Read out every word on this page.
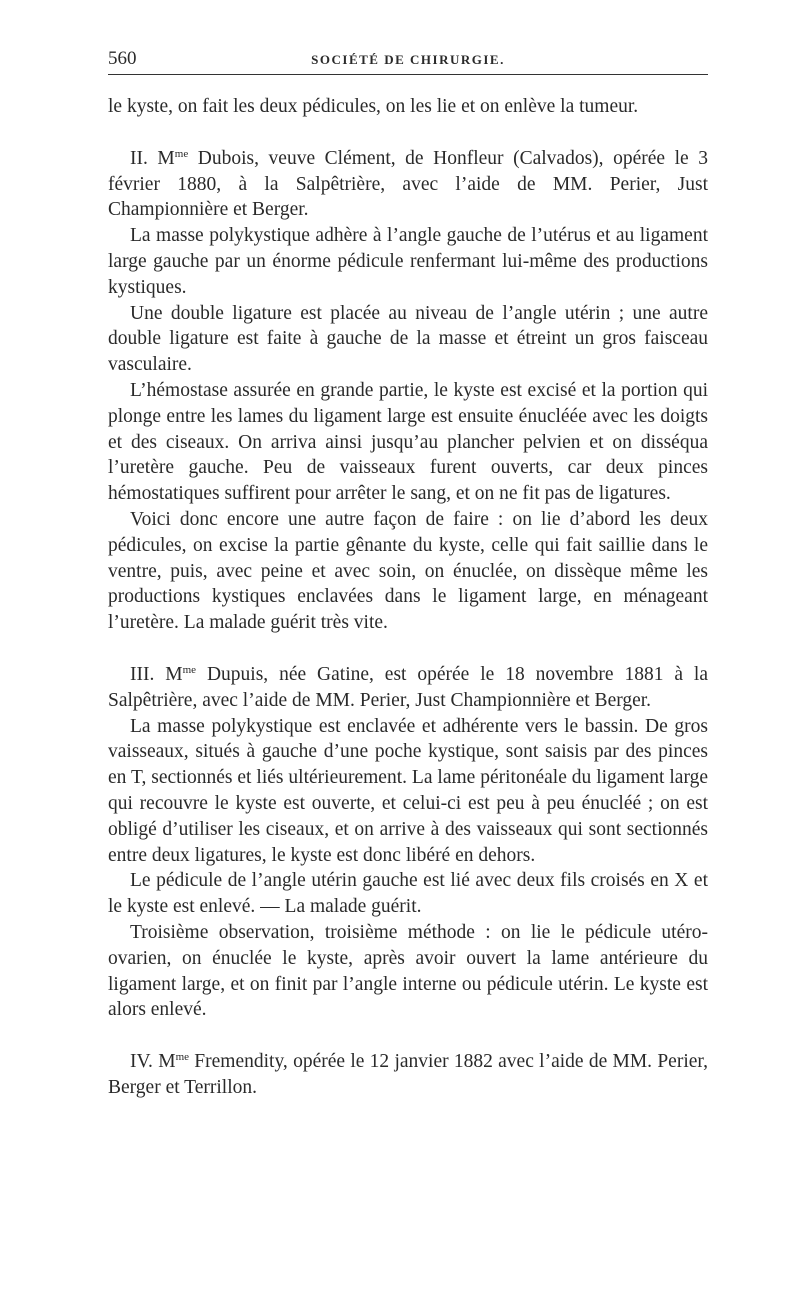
560	SOCIÉTÉ DE CHIRURGIE.

le kyste, on fait les deux pédicules, on les lie et on enlève la tumeur.

II. $M^{me}$ Dubois, veuve Clément, de Honfleur (Calvados), opérée le 3 février 1880, à la Salpêtrière, avec l’aide de MM. Perier, Just Championnière et Berger.

La masse polykystique adhère à l’angle gauche de l’utérus et au ligament large gauche par un énorme pédicule renfermant lui-même des productions kystiques.

Une double ligature est placée au niveau de l’angle utérin ; une autre double ligature est faite à gauche de la masse et étreint un gros faisceau vasculaire.

L’hémostase assurée en grande partie, le kyste est excisé et la portion qui plonge entre les lames du ligament large est ensuite énucléée avec les doigts et des ciseaux. On arriva ainsi jusqu’au plancher pelvien et on disséqua l’uretère gauche. Peu de vaisseaux furent ouverts, car deux pinces hémostatiques suffirent pour arrêter le sang, et on ne fit pas de ligatures.

Voici donc encore une autre façon de faire : on lie d’abord les deux pédicules, on excise la partie gênante du kyste, celle qui fait saillie dans le ventre, puis, avec peine et avec soin, on énuclée, on dissèque même les productions kystiques enclavées dans le ligament large, en ménageant l’uretère. La malade guérit très vite.

III. $M^{me}$ Dupuis, née Gatine, est opérée le 18 novembre 1881 à la Salpêtrière, avec l’aide de MM. Perier, Just Championnière et Berger.

La masse polykystique est enclavée et adhérente vers le bassin. De gros vaisseaux, situés à gauche d’une poche kystique, sont saisis par des pinces en T, sectionnés et liés ultérieurement. La lame péritonéale du ligament large qui recouvre le kyste est ouverte, et celui-ci est peu à peu énucléé ; on est obligé d’utiliser les ciseaux, et on arrive à des vaisseaux qui sont sectionnés entre deux ligatures, le kyste est donc libéré en dehors.

Le pédicule de l’angle utérin gauche est lié avec deux fils croisés en X et le kyste est enlevé. — La malade guérit.

Troisième observation, troisième méthode : on lie le pédicule utéro-ovarien, on énuclée le kyste, après avoir ouvert la lame antérieure du ligament large, et on finit par l’angle interne ou pédicule utérin. Le kyste est alors enlevé.

IV. $M^{me}$ Fremendity, opérée le 12 janvier 1882 avec l’aide de MM. Perier, Berger et Terrillon.
